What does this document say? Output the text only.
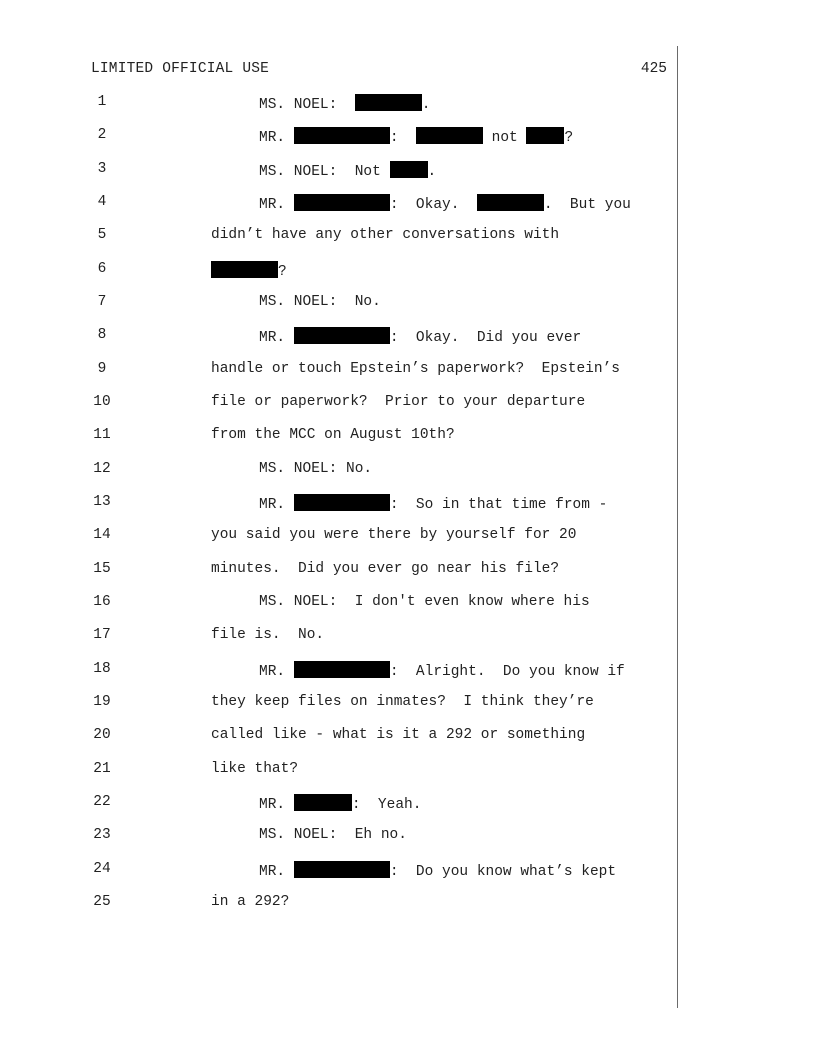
LIMITED OFFICIAL USE	425
1
2
3
4
5
6
7
8
9
10
11
12
13
14
15
16
17
18
19
20
21
22
23
24
25
MS. NOEL:	.
MR.	:	not	?
MS. NOEL:  Not	.
MR.	:  Okay.	.  But you
didn’t have any other conversations with
?
MS. NOEL:  No.
MR.	:  Okay.  Did you ever
handle or touch Epstein’s paperwork?  Epstein’s
file or paperwork?  Prior to your departure
from the MCC on August 10th?
MS. NOEL: No.
MR.	:  So in that time from -
you said you were there by yourself for 20
minutes.  Did you ever go near his file?
MS. NOEL:  I don't even know where his
file is.  No.
MR.	:  Alright.  Do you know if
they keep files on inmates?  I think they’re
called like - what is it a 292 or something
like that?
MR.	:  Yeah.
MS. NOEL:  Eh no.
MR.	:  Do you know what’s kept
in a 292?
